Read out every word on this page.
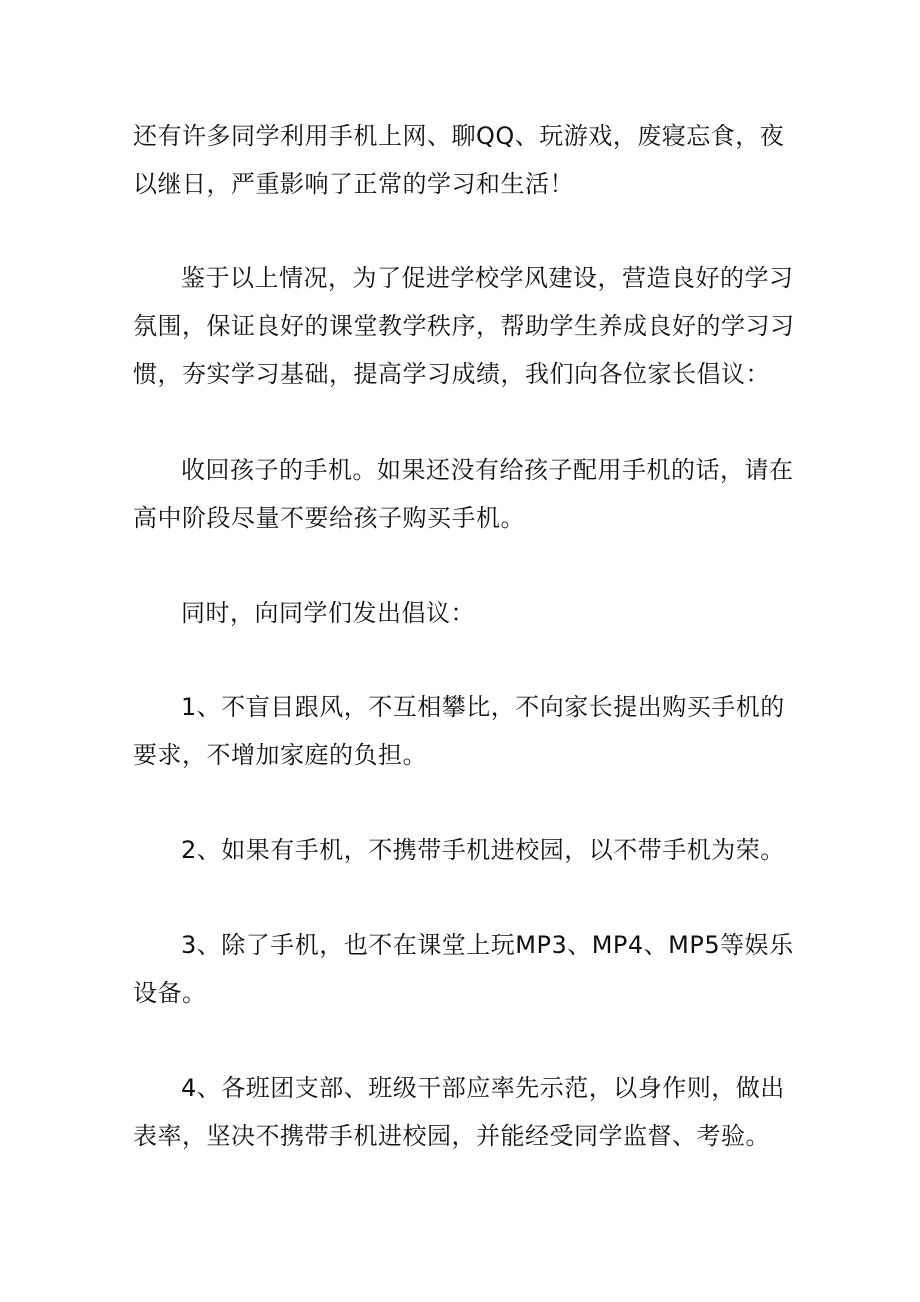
还有许多同学利用手机上网、聊QQ、玩游戏，废寝忘食，夜以继日，严重影响了正常的学习和生活！

鉴于以上情况，为了促进学校学风建设，营造良好的学习氛围，保证良好的课堂教学秩序，帮助学生养成良好的学习习惯，夯实学习基础，提高学习成绩，我们向各位家长倡议：

收回孩子的手机。如果还没有给孩子配用手机的话，请在高中阶段尽量不要给孩子购买手机。

同时，向同学们发出倡议：

1、不盲目跟风，不互相攀比，不向家长提出购买手机的要求，不增加家庭的负担。

2、如果有手机，不携带手机进校园，以不带手机为荣。

3、除了手机，也不在课堂上玩MP3、MP4、MP5等娱乐设备。

4、各班团支部、班级干部应率先示范，以身作则，做出表率，坚决不携带手机进校园，并能经受同学监督、考验。
